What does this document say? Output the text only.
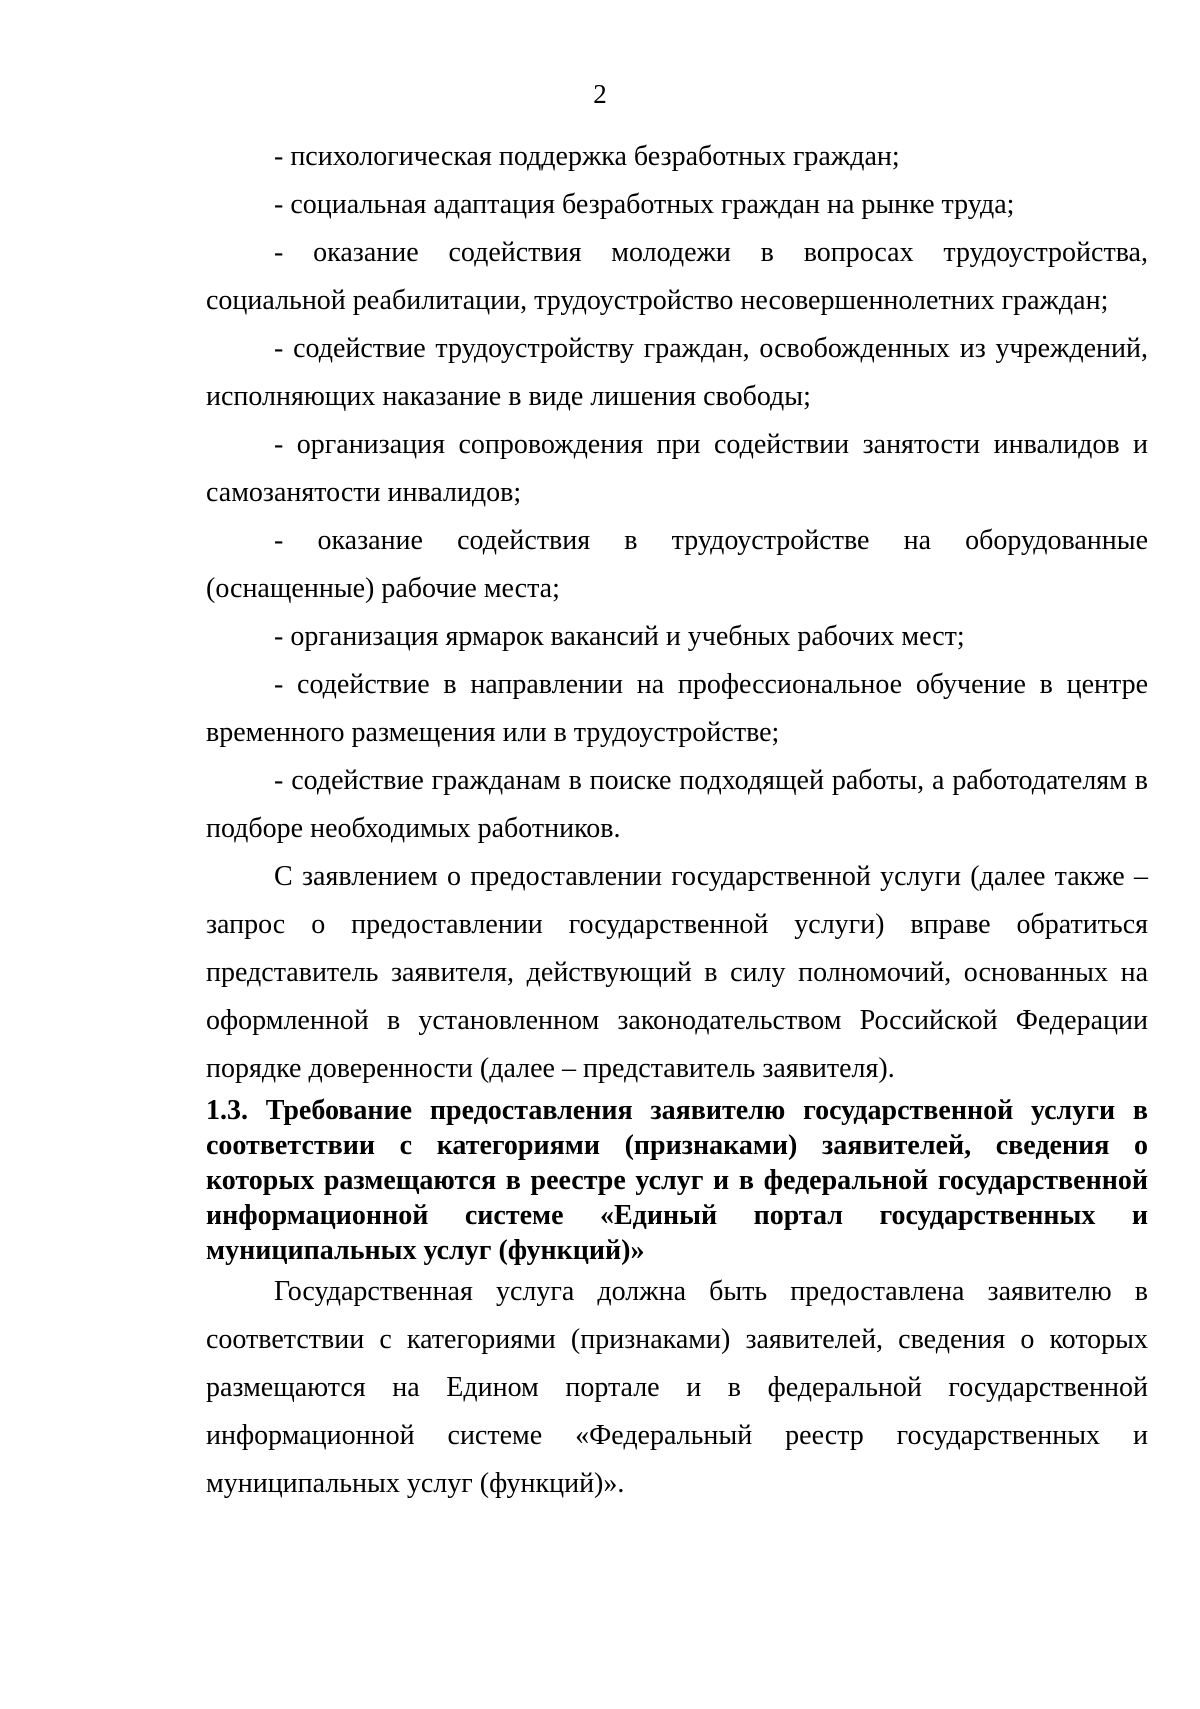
2

- психологическая поддержка безработных граждан;

- социальная адаптация безработных граждан на рынке труда;

- оказание содействия молодежи в вопросах трудоустройства, социальной реабилитации, трудоустройство несовершеннолетних граждан;

- содействие трудоустройству граждан, освобожденных из учреждений, исполняющих наказание в виде лишения свободы;

- организация сопровождения при содействии занятости инвалидов и самозанятости инвалидов;

- оказание содействия в трудоустройстве на оборудованные (оснащенные) рабочие места;

- организация ярмарок вакансий и учебных рабочих мест;

- содействие в направлении на профессиональное обучение в центре временного размещения или в трудоустройстве;

- содействие гражданам в поиске подходящей работы, а работодателям в подборе необходимых работников.

С заявлением о предоставлении государственной услуги (далее также – запрос о предоставлении государственной услуги) вправе обратиться представитель заявителя, действующий в силу полномочий, основанных на оформленной в установленном законодательством Российской Федерации порядке доверенности (далее – представитель заявителя).

1.3. Требование предоставления заявителю государственной услуги в соответствии с категориями (признаками) заявителей, сведения о которых размещаются в реестре услуг и в федеральной государственной информационной системе «Единый портал государственных и муниципальных услуг (функций)»

Государственная услуга должна быть предоставлена заявителю в соответствии с категориями (признаками) заявителей, сведения о которых размещаются на Едином портале и в федеральной государственной информационной системе «Федеральный реестр государственных и муниципальных услуг (функций)».
